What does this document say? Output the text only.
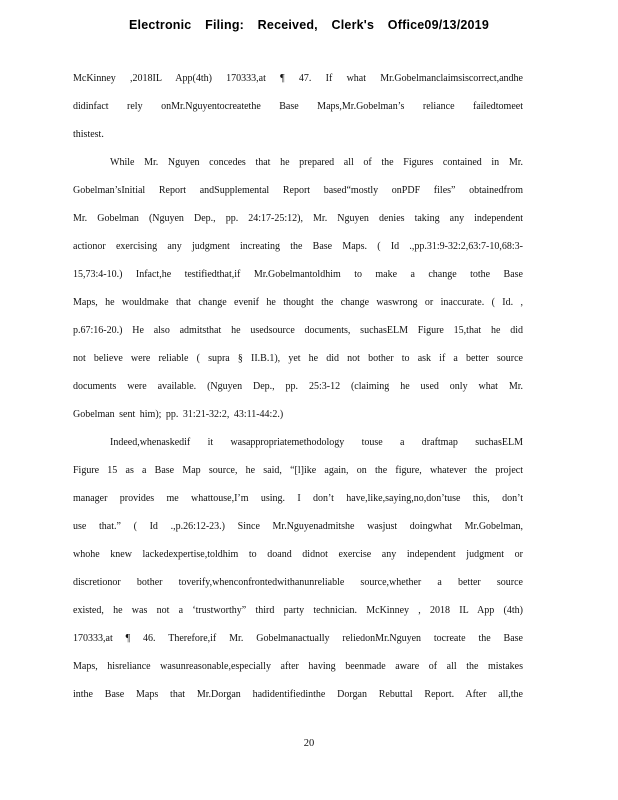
Electronic Filing: Received, Clerk's Office09/13/2019
McKinney ,2018IL App(4th) 170333,at ¶ 47. If what Mr.Gobelmanclaimsiscorrect,andhe
didinfact rely onMr.Nguyentocreatethe Base Maps,Mr.Gobelman’s reliance failedtomeet
thistest.
While Mr. Nguyen concedes that he prepared all of the Figures contained in Mr.
Gobelman’sInitial Report andSupplemental Report based“mostly onPDF files” obtainedfrom
Mr. Gobelman (Nguyen Dep., pp. 24:17-25:12), Mr. Nguyen denies taking any independent
actionor exercising any judgment increating the Base Maps. ( Id .,pp.31:9-32:2,63:7-10,68:3-
15,73:4-10.) Infact,he testifiedthat,if Mr.Gobelmantoldhim to make a change tothe Base
Maps, he wouldmake that change evenif he thought the change waswrong or inaccurate. ( Id. ,
p.67:16-20.) He also admitsthat he usedsource documents, suchasELM Figure 15,that he did
not believe were reliable ( supra § II.B.1), yet he did not bother to ask if a better source
documents were available. (Nguyen Dep., pp. 25:3-12 (claiming he used only what Mr.
Gobelman sent him); pp. 31:21-32:2, 43:11-44:2.)
Indeed,whenaskedif it wasappropriatemethodology touse a draftmap suchasELM
Figure 15 as a Base Map source, he said, “[l]ike again, on the figure, whatever the project
manager provides me whattouse,I’m using. I don’t have,like,saying,no,don’tuse this, don’t
use that.” ( Id .,p.26:12-23.) Since Mr.Nguyenadmitshe wasjust doingwhat Mr.Gobelman,
whohe knew lackedexpertise,toldhim to doand didnot exercise any independent judgment or
discretionor bother toverify,whenconfrontedwithanunreliable source,whether a better source
existed, he was not a ‘trustworthy” third party technician. McKinney , 2018 IL App (4th)
170333,at ¶ 46. Therefore,if Mr. Gobelmanactually reliedonMr.Nguyen tocreate the Base
Maps, hisreliance wasunreasonable,especially after having beenmade aware of all the mistakes
inthe Base Maps that Mr.Dorgan hadidentifiedinthe Dorgan Rebuttal Report. After all,the
20
